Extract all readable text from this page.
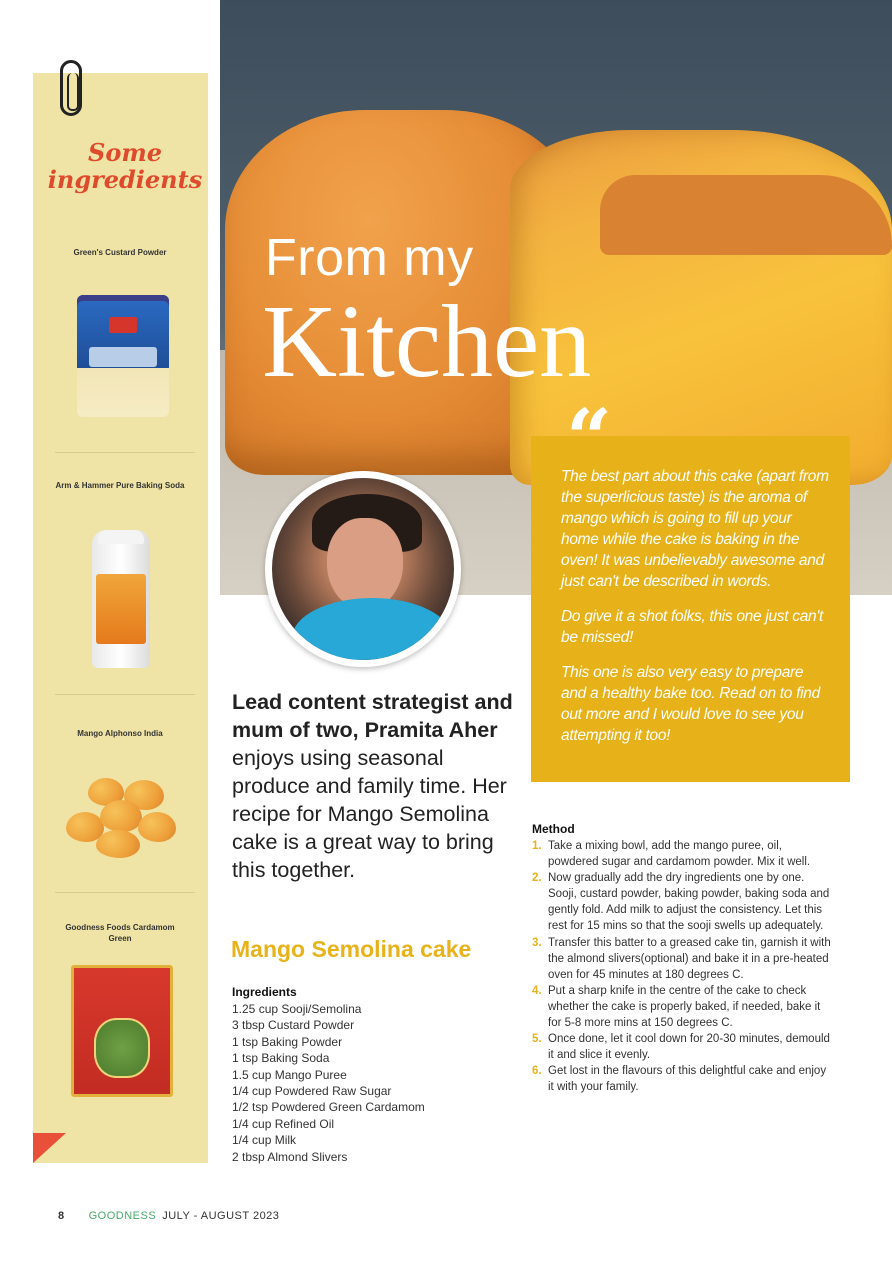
From my
Kitchen
Some ingredients
Green's Custard Powder
Arm & Hammer Pure Baking Soda
Mango Alphonso India
Goodness Foods Cardamom Green

The best part about this cake (apart from the superlicious taste) is the aroma of mango which is going to fill up your home while the cake is baking in the oven! It was unbelievably awesome and just can't be described in words.

Do give it a shot folks, this one just can't be missed!

This one is also very easy to prepare and a healthy bake too. Read on to find out more and I would love to see you attempting it too!

“
Lead content strategist and mum of two, Pramita Aher enjoys using seasonal produce and family time. Her recipe for Mango Semolina cake is a great way to bring this together.
Mango Semolina cake
Ingredients
1.25 cup Sooji/Semolina
3 tbsp Custard Powder
1 tsp Baking Powder
1 tsp Baking Soda
1.5 cup Mango Puree
1/4 cup Powdered Raw Sugar
1/2 tsp Powdered Green Cardamom
1/4 cup Refined Oil
1/4 cup Milk
2 tbsp Almond Slivers
Method
1. Take a mixing bowl, add the mango puree, oil, powdered sugar and cardamom powder. Mix it well.
2. Now gradually add the dry ingredients one by one. Sooji, custard powder, baking powder, baking soda and gently fold. Add milk to adjust the consistency. Let this rest for 15 mins so that the sooji swells up adequately.
3. Transfer this batter to a greased cake tin, garnish it with the almond slivers(optional) and bake it in a pre-heated oven for 45 minutes at 180 degrees C.
4. Put a sharp knife in the centre of the cake to check whether the cake is properly baked, if needed, bake it for 5-8 more mins at 150 degrees C.
5. Once done, let it cool down for 20-30 minutes, demould it and slice it evenly.
6. Get lost in the flavours of this delightful cake and enjoy it with your family.
8 GOODNESS JULY - AUGUST 2023
